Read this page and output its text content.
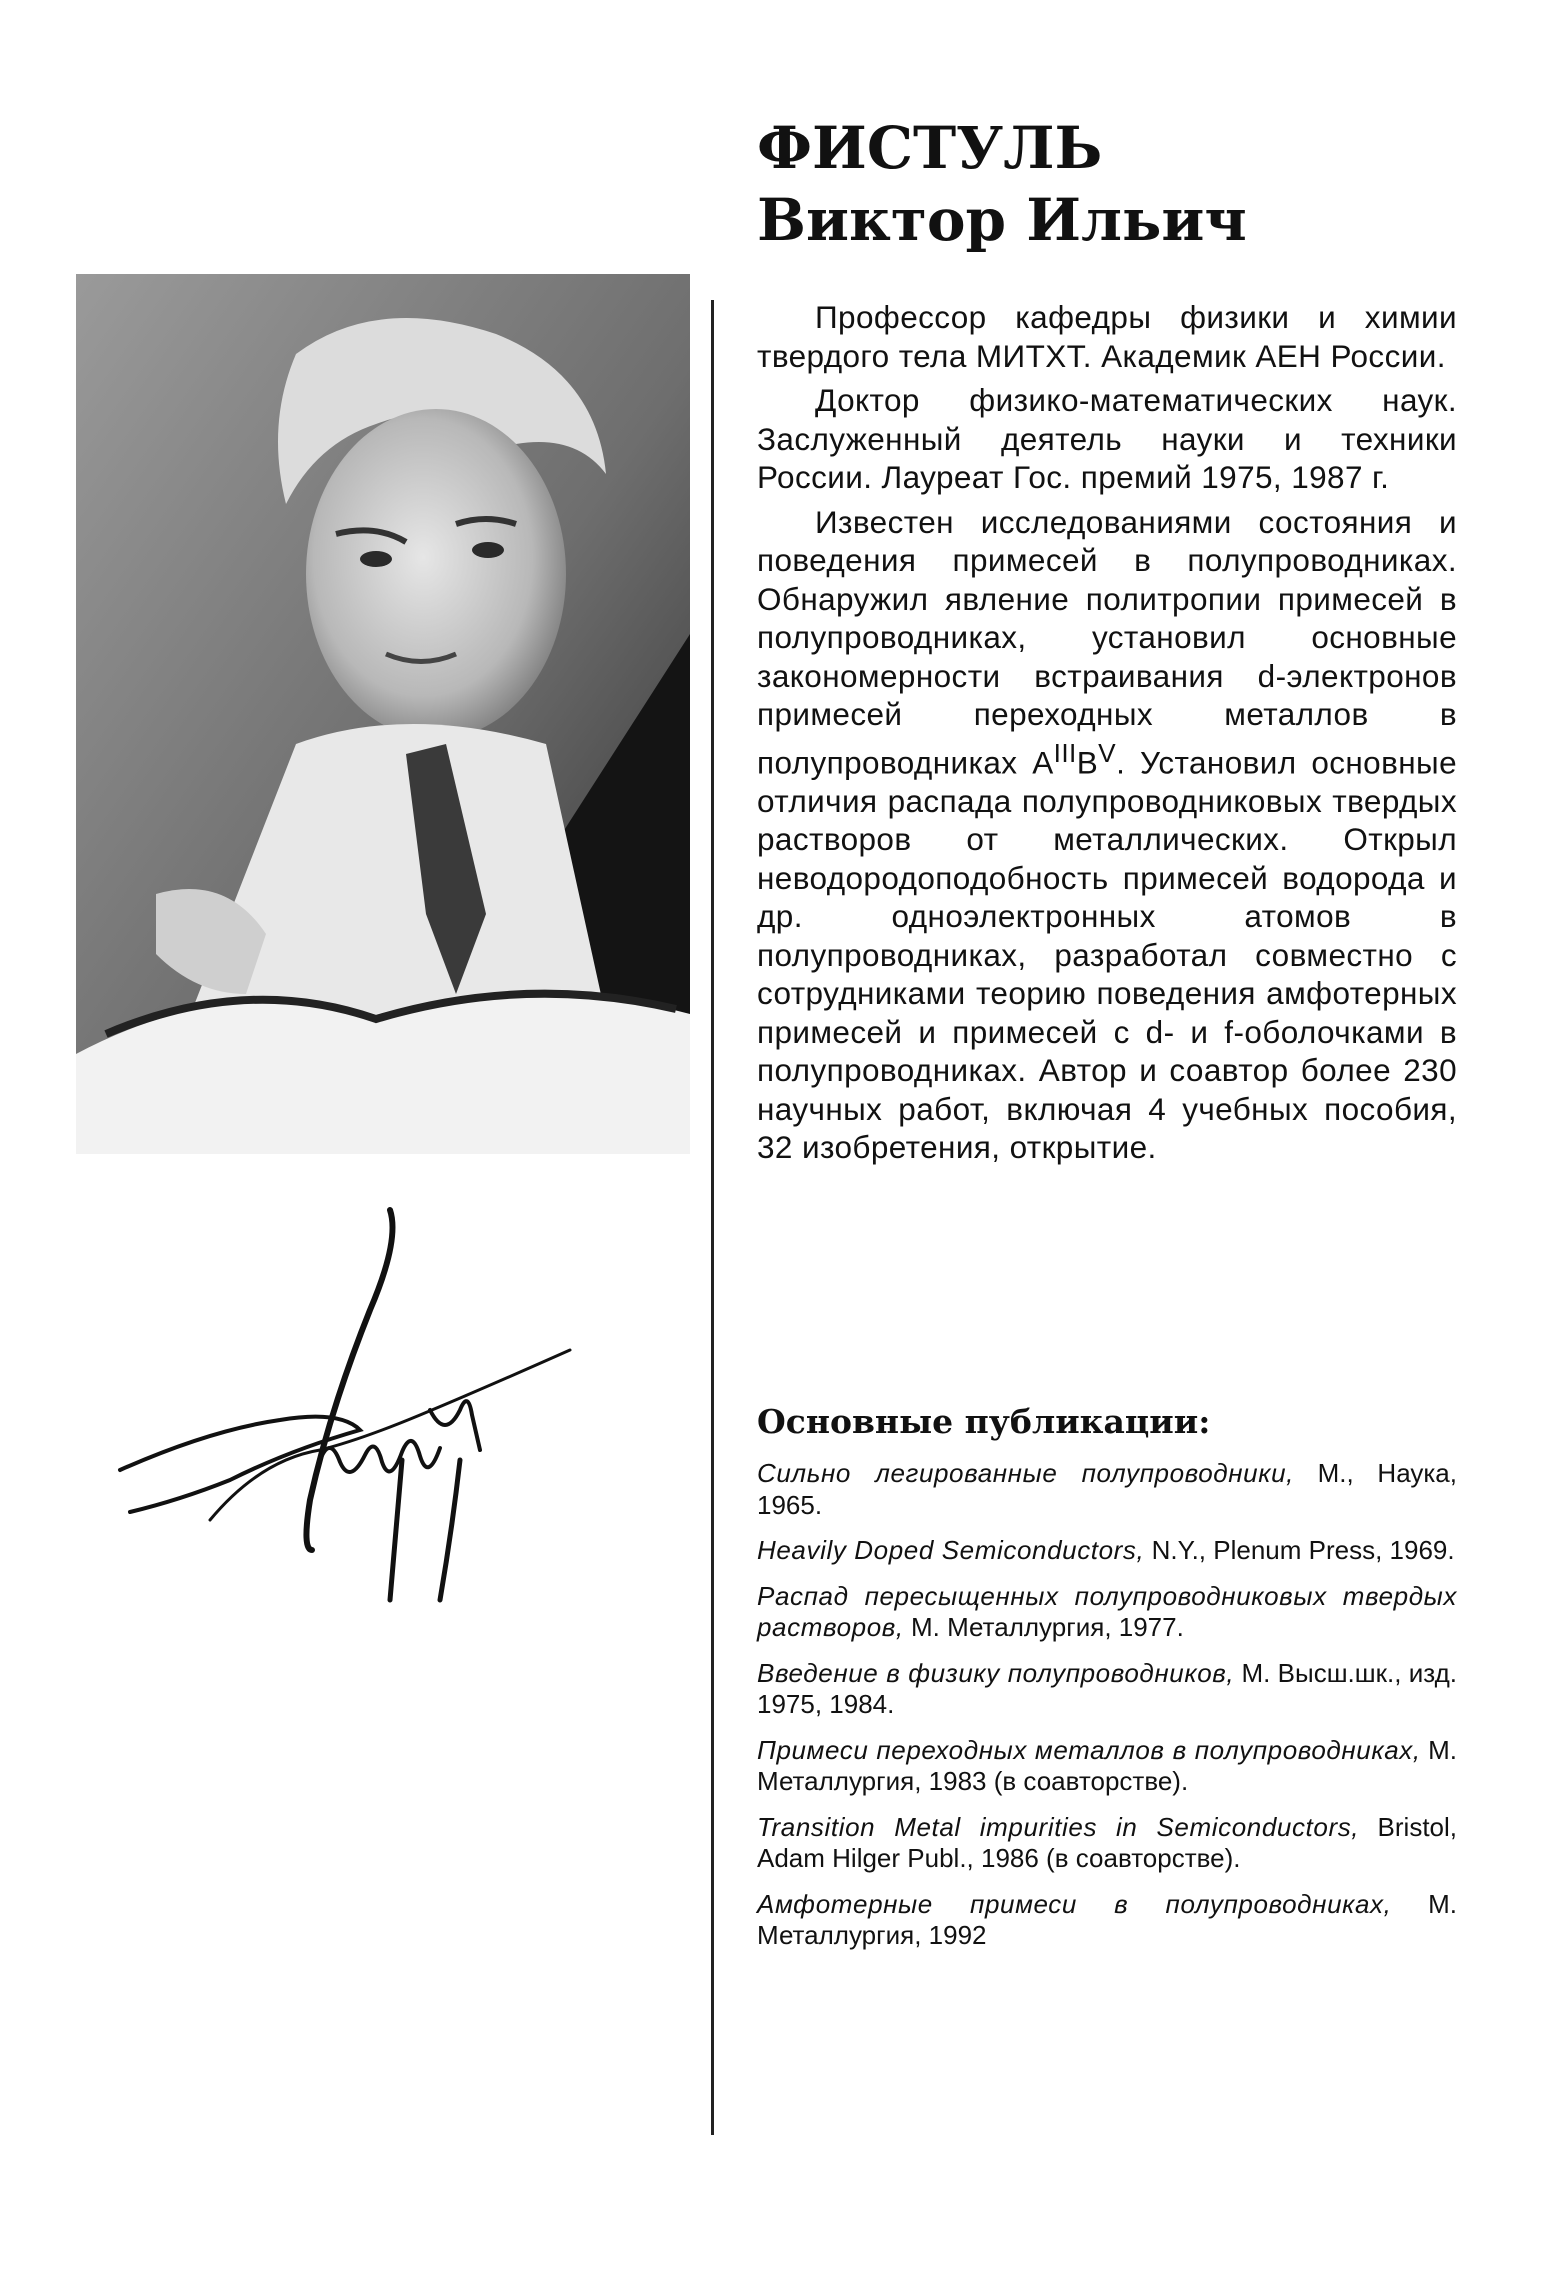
ФИСТУЛЬ
Виктор Ильич

Профессор кафедры физики и химии твердого тела МИТХТ. Академик АЕН России.

Доктор физико-математических наук. Заслуженный деятель науки и техники России. Лауреат Гос. премий 1975, 1987 г.

Известен исследованиями состояния и поведения примесей в полупроводниках. Обнаружил явление политропии примесей в полупроводниках, установил основные закономерности встраивания d-электронов примесей переходных металлов в полупроводниках $A^{III}B^V$. Установил основные отличия распада полупроводниковых твердых растворов от металлических. Открыл неводородоподобность примесей водорода и др. одноэлектронных атомов в полупроводниках, разработал совместно с сотрудниками теорию поведения амфотерных примесей и примесей с d- и f-оболочками в полупроводниках. Автор и соавтор более 230 научных работ, включая 4 учебных пособия, 32 изобретения, открытие.

Основные публикации:
Сильно легированные полупроводники, М., Наука, 1965.
Heavily Doped Semiconductors, N.Y., Plenum Press, 1969.
Распад пересыщенных полупроводниковых твердых растворов, М. Металлургия, 1977.
Введение в физику полупроводников, М. Высш.шк., изд. 1975, 1984.
Примеси переходных металлов в полупроводниках, М. Металлургия, 1983 (в соавторстве).
Transition Metal impurities in Semiconductors, Bristol, Adam Hilger Publ., 1986 (в соавторстве).
Амфотерные примеси в полупроводниках, М. Металлургия, 1992
